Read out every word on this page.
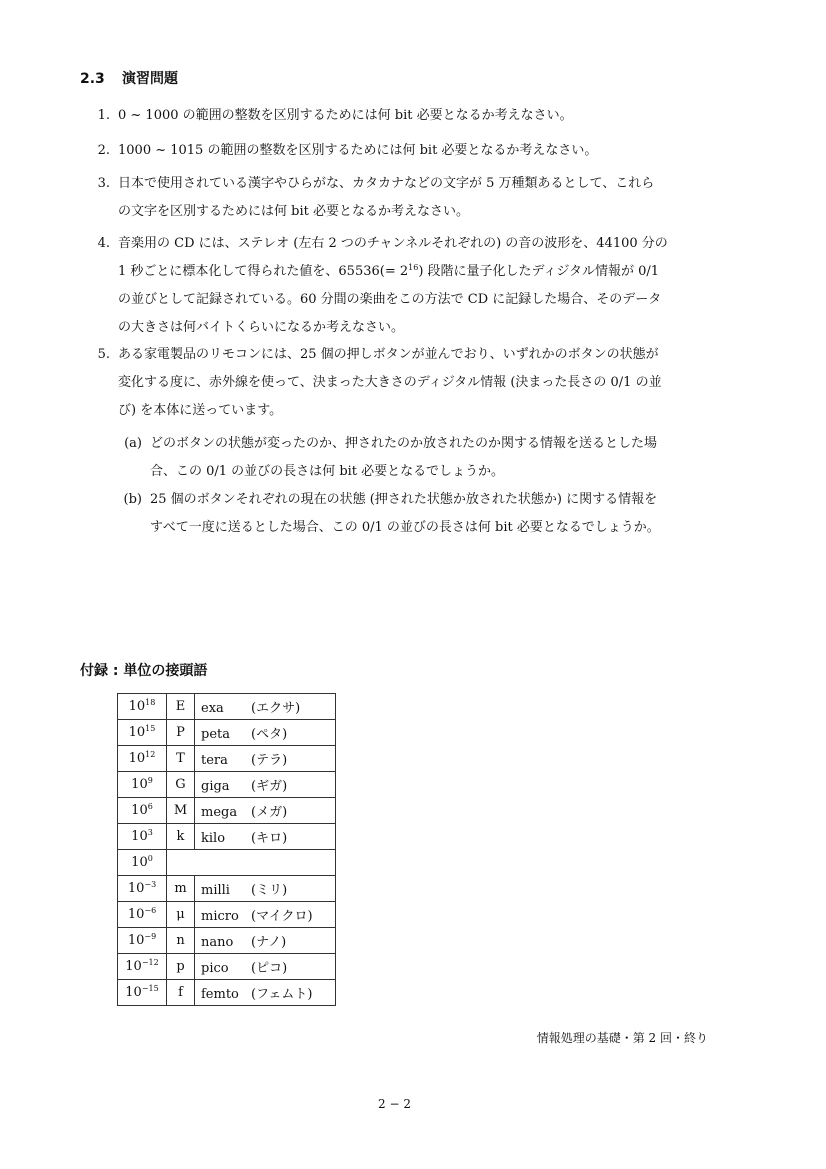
2.3 演習問題
1. 0 ~ 1000 の範囲の整数を区別するためには何 bit 必要となるか考えなさい。
2. 1000 ~ 1015 の範囲の整数を区別するためには何 bit 必要となるか考えなさい。
3. 日本で使用されている漢字やひらがな、カタカナなどの文字が 5 万種類あるとして、これら
の文字を区別するためには何 bit 必要となるか考えなさい。
4. 音楽用の CD には、ステレオ (左右 2 つのチャンネルそれぞれの) の音の波形を、44100 分の
1 秒ごとに標本化して得られた値を、$65536(= 2^{16})$ 段階に量子化したディジタル情報が 0/1
の並びとして記録されている。60 分間の楽曲をこの方法で CD に記録した場合、そのデータ
の大きさは何バイトくらいになるか考えなさい。
5. ある家電製品のリモコンには、25 個の押しボタンが並んでおり、いずれかのボタンの状態が
変化する度に、赤外線を使って、決まった大きさのディジタル情報 (決まった長さの 0/1 の並
び) を本体に送っています。
(a) どのボタンの状態が変ったのか、押されたのか放されたのか関する情報を送るとした場
合、この 0/1 の並びの長さは何 bit 必要となるでしょうか。
(b) 25 個のボタンそれぞれの現在の状態 (押された状態か放された状態か) に関する情報を
すべて一度に送るとした場合、この 0/1 の並びの長さは何 bit 必要となるでしょうか。
付録 : 単位の接頭語
$10^{18}$	E	exa (エクサ)
$10^{15}$	P	peta (ペタ)
$10^{12}$	T	tera (テラ)
$10^9$	G	giga (ギガ)
$10^6$	M	mega (メガ)
$10^3$	k	kilo (キロ)
$10^0$	
$10^{-3}$	m	milli (ミリ)
$10^{-6}$	μ	micro (マイクロ)
$10^{-9}$	n	nano (ナノ)
$10^{-12}$	p	pico (ピコ)
$10^{-15}$	f	femto (フェムト)
情報処理の基礎・第 2 回・終り
2 − 2
